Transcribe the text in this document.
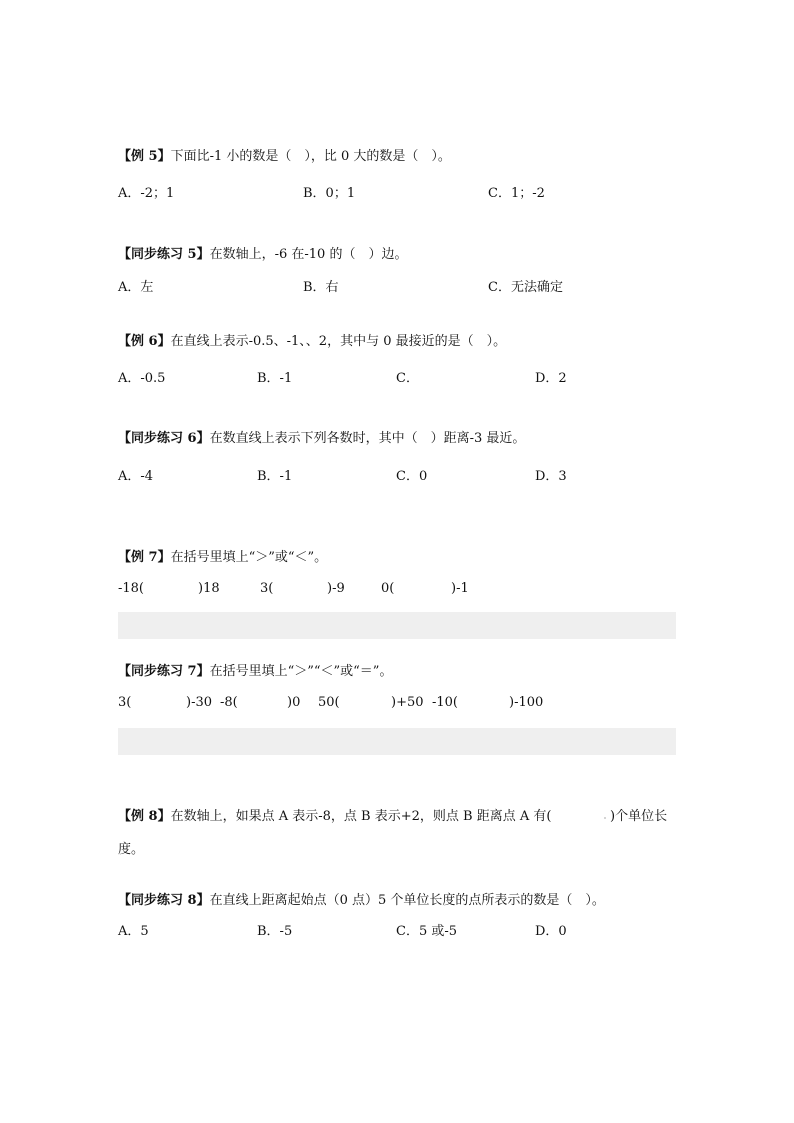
【例 5】下面比-1 小的数是（　），比 0 大的数是（　）。
A．-2；1	B．0；1	C．1；-2
【同步练习 5】在数轴上，-6 在-10 的（　）边。
A．左	B．右	C．无法确定
【例 6】在直线上表示-0.5、-1、、2，其中与 0 最接近的是（　）。
A．-0.5	B．-1	C．	D．2
【同步练习 6】在数直线上表示下列各数时，其中（　）距离-3 最近。
A．-4	B．-1	C．0	D．3
【例 7】在括号里填上“＞”或“＜”。
-18(	)18	3(	)-9	0(	)-1
【同步练习 7】在括号里填上“＞”“＜”或“＝”。
3(	)-30 -8(	)0 50(	)+50 -10(	)-100
【例 8】在数轴上，如果点 A 表示-8，点 B 表示+2，则点 B 距离点 A 有(	)个单位长
度。
【同步练习 8】在直线上距离起始点（0 点）5 个单位长度的点所表示的数是（　）。
A．5	B．-5	C．5 或-5	D．0
